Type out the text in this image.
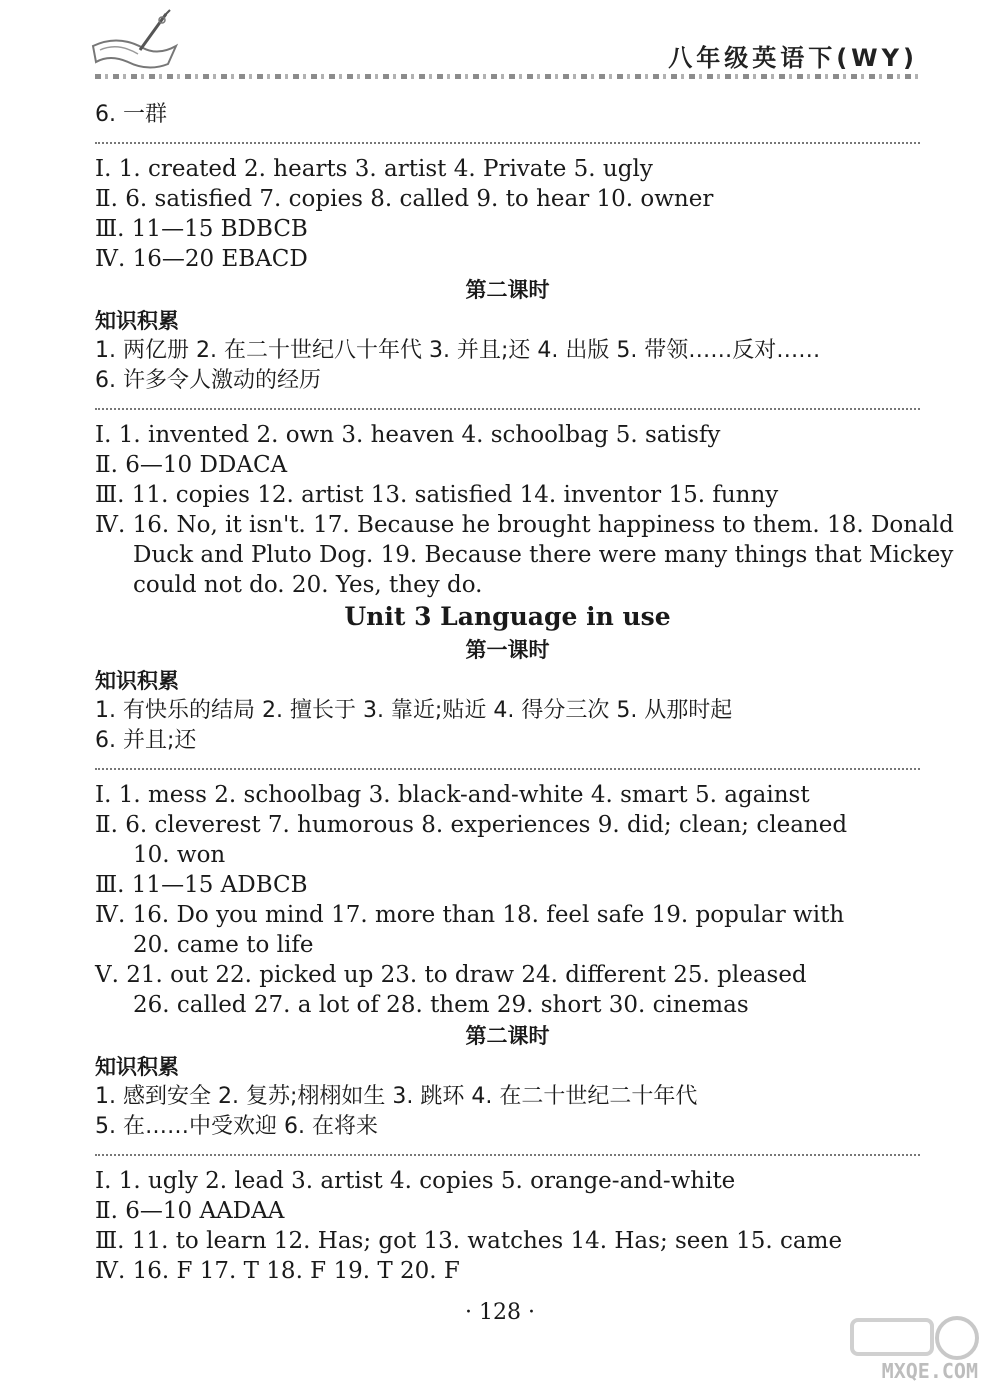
八年级英语下(WY)
6. 一群
Ⅰ. 1. created 2. hearts 3. artist 4. Private 5. ugly
Ⅱ. 6. satisfied 7. copies 8. called 9. to hear 10. owner
Ⅲ. 11—15 BDBCB
Ⅳ. 16—20 EBACD
第二课时
知识积累
1. 两亿册 2. 在二十世纪八十年代 3. 并且;还 4. 出版 5. 带领……反对……
6. 许多令人激动的经历
Ⅰ. 1. invented 2. own 3. heaven 4. schoolbag 5. satisfy
Ⅱ. 6—10 DDACA
Ⅲ. 11. copies 12. artist 13. satisfied 14. inventor 15. funny
Ⅳ. 16. No, it isn't. 17. Because he brought happiness to them. 18. Donald
Duck and Pluto Dog. 19. Because there were many things that Mickey
could not do. 20. Yes, they do.
Unit 3 Language in use
第一课时
知识积累
1. 有快乐的结局 2. 擅长于 3. 靠近;贴近 4. 得分三次 5. 从那时起
6. 并且;还
Ⅰ. 1. mess 2. schoolbag 3. black-and-white 4. smart 5. against
Ⅱ. 6. cleverest 7. humorous 8. experiences 9. did; clean; cleaned
10. won
Ⅲ. 11—15 ADBCB
Ⅳ. 16. Do you mind 17. more than 18. feel safe 19. popular with
20. came to life
Ⅴ. 21. out 22. picked up 23. to draw 24. different 25. pleased
26. called 27. a lot of 28. them 29. short 30. cinemas
第二课时
知识积累
1. 感到安全 2. 复苏;栩栩如生 3. 跳环 4. 在二十世纪二十年代
5. 在……中受欢迎 6. 在将来
Ⅰ. 1. ugly 2. lead 3. artist 4. copies 5. orange-and-white
Ⅱ. 6—10 AADAA
Ⅲ. 11. to learn 12. Has; got 13. watches 14. Has; seen 15. came
Ⅳ. 16. F 17. T 18. F 19. T 20. F
· 128 ·
MXQE.COM
